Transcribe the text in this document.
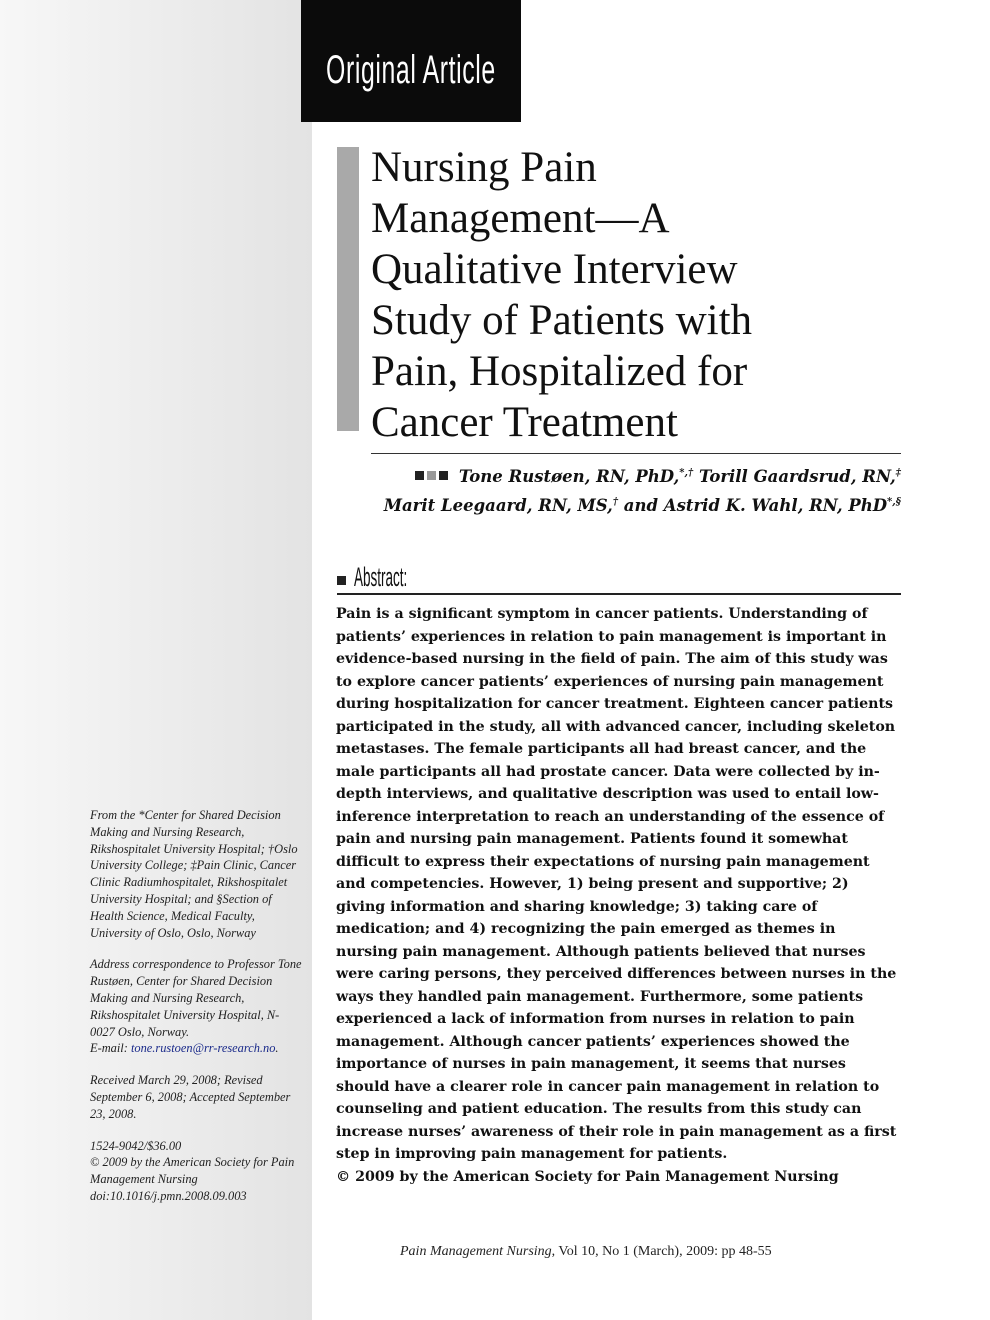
Original Article
Nursing Pain
Management—A
Qualitative Interview
Study of Patients with
Pain, Hospitalized for
Cancer Treatment
Tone Rustøen, RN, PhD,*,† Torill Gaardsrud, RN,‡
Marit Leegaard, RN, MS,† and Astrid K. Wahl, RN, PhD*,§
Abstract:

Pain is a significant symptom in cancer patients. Understanding of patients’ experiences in relation to pain management is important in evidence-based nursing in the field of pain. The aim of this study was to explore cancer patients’ experiences of nursing pain management during hospitalization for cancer treatment. Eighteen cancer patients participated in the study, all with advanced cancer, including skeleton metastases. The female participants all had breast cancer, and the male participants all had prostate cancer. Data were collected by in-depth interviews, and qualitative description was used to entail low-inference interpretation to reach an understanding of the essence of pain and nursing pain management. Patients found it somewhat difficult to express their expectations of nursing pain management and competencies. However, 1) being present and supportive; 2) giving information and sharing knowledge; 3) taking care of medication; and 4) recognizing the pain emerged as themes in nursing pain management. Although patients believed that nurses were caring persons, they perceived differences between nurses in the ways they handled pain management. Furthermore, some patients experienced a lack of information from nurses in relation to pain management. Although cancer patients’ experiences showed the importance of nurses in pain management, it seems that nurses should have a clearer role in cancer pain management in relation to counseling and patient education. The results from this study can increase nurses’ awareness of their role in pain management as a first step in improving pain management for patients.

© 2009 by the American Society for Pain Management Nursing

From the *Center for Shared Decision Making and Nursing Research, Rikshospitalet University Hospital; †Oslo University College; ‡Pain Clinic, Cancer Clinic Radiumhospitalet, Rikshospitalet University Hospital; and §Section of Health Science, Medical Faculty, University of Oslo, Oslo, Norway

Address correspondence to Professor Tone Rustøen, Center for Shared Decision Making and Nursing Research, Rikshospitalet University Hospital, N-0027 Oslo, Norway.
E-mail: tone.rustoen@rr-research.no.

Received March 29, 2008; Revised September 6, 2008; Accepted September 23, 2008.

1524-9042/$36.00
© 2009 by the American Society for Pain Management Nursing
doi:10.1016/j.pmn.2008.09.003

Pain Management Nursing, Vol 10, No 1 (March), 2009: pp 48-55
